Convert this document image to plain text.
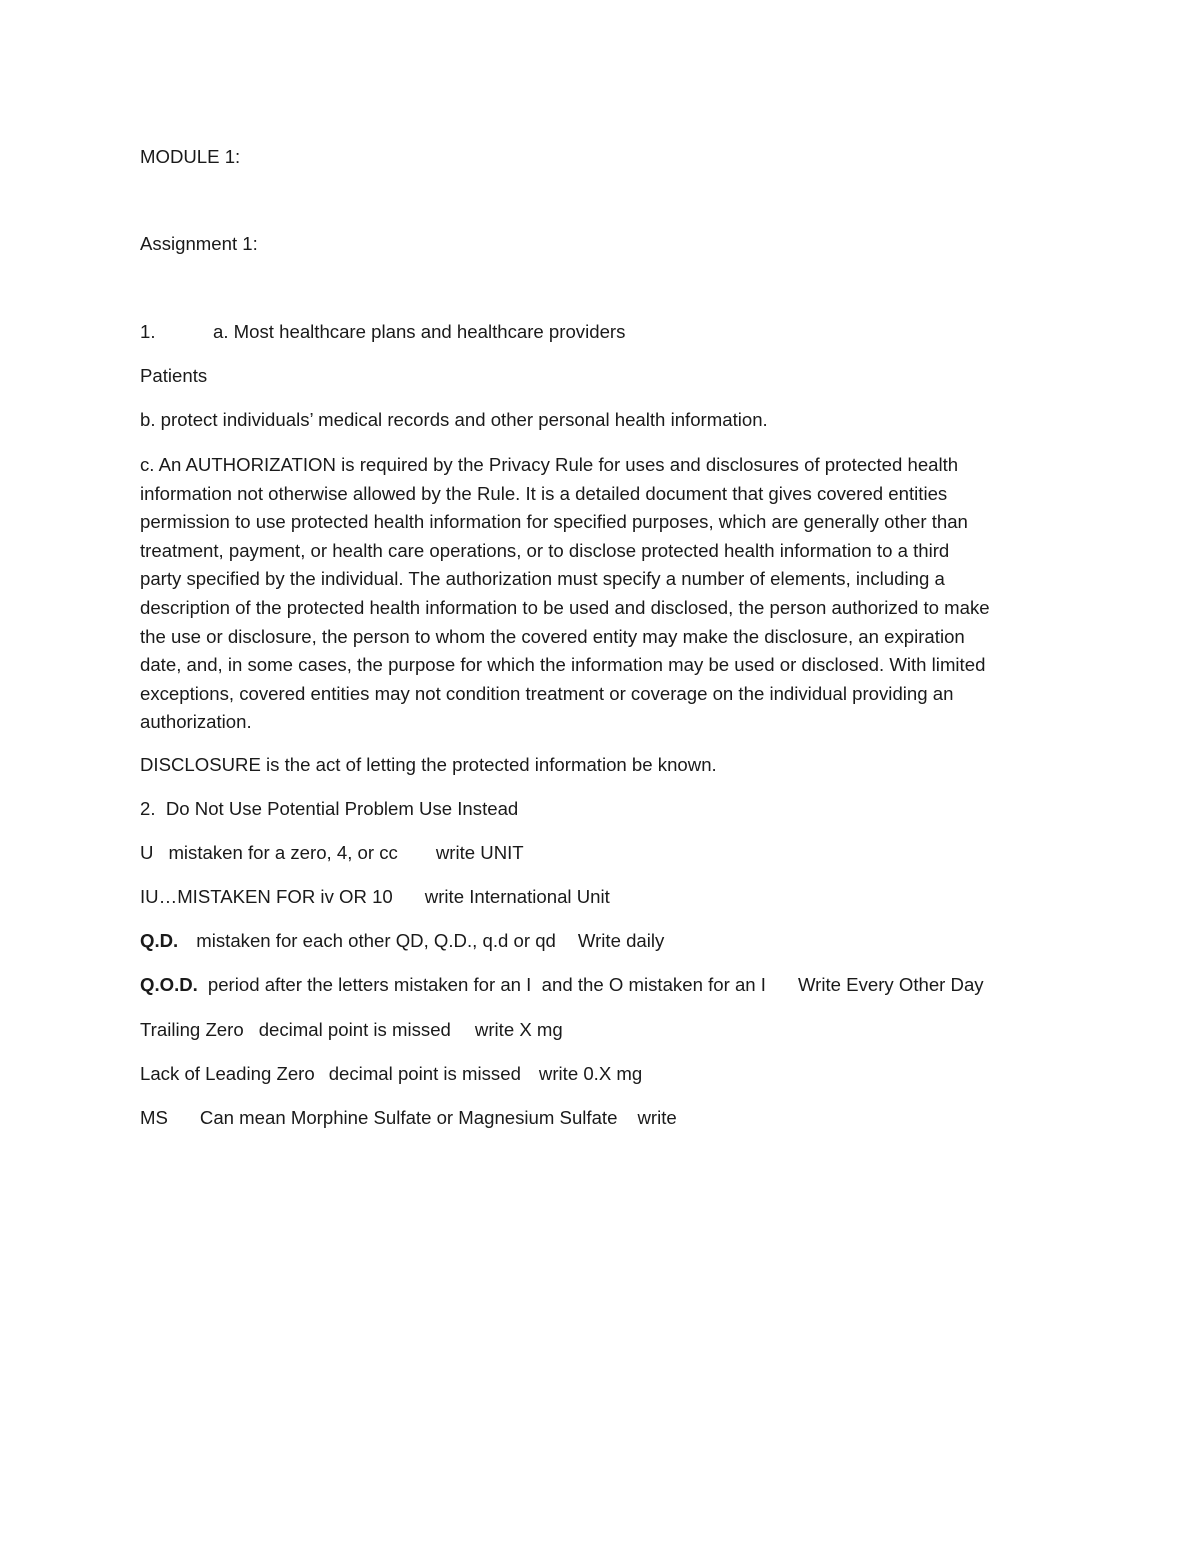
MODULE 1:
Assignment 1:
1.	a. Most healthcare plans and healthcare providers
Patients
b. protect individuals’ medical records and other personal health information.
c. An AUTHORIZATION is required by the Privacy Rule for uses and disclosures of protected health
information not otherwise allowed by the Rule. It is a detailed document that gives covered entities
permission to use protected health information for specified purposes, which are generally other than
treatment, payment, or health care operations, or to disclose protected health information to a third
party specified by the individual. The authorization must specify a number of elements, including a
description of the protected health information to be used and disclosed, the person authorized to make
the use or disclosure, the person to whom the covered entity may make the disclosure, an expiration
date, and, in some cases, the purpose for which the information may be used or disclosed. With limited
exceptions, covered entities may not condition treatment or coverage on the individual providing an
authorization.
DISCLOSURE is the act of letting the protected information be known.
2.  Do Not Use Potential Problem Use Instead
U mistaken for a zero, 4, or cc write UNIT
IU…MISTAKEN FOR iv OR 10 write International Unit
Q.D. mistaken for each other QD, Q.D., q.d or qd Write daily
Q.O.D. period after the letters mistaken for an I  and the O mistaken for an I Write Every Other Day
Trailing Zero decimal point is missed write X mg
Lack of Leading Zero decimal point is missed write 0.X mg
MS Can mean Morphine Sulfate or Magnesium Sulfate write
